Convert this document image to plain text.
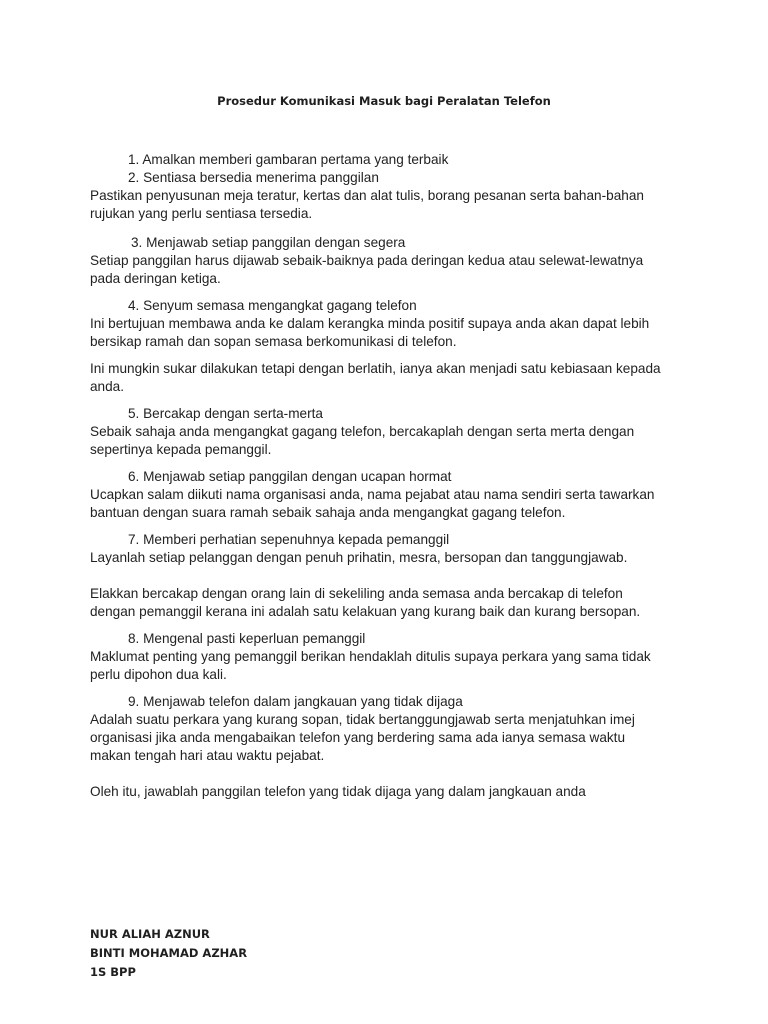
Prosedur Komunikasi Masuk bagi Peralatan Telefon
1. Amalkan memberi gambaran pertama yang terbaik
2. Sentiasa bersedia menerima panggilan
Pastikan penyusunan meja teratur, kertas dan alat tulis, borang pesanan serta bahan-bahan
rujukan yang perlu sentiasa tersedia.
3. Menjawab setiap panggilan dengan segera
Setiap panggilan harus dijawab sebaik-baiknya pada deringan kedua atau selewat-lewatnya
pada deringan ketiga.
4. Senyum semasa mengangkat gagang telefon
Ini bertujuan membawa anda ke dalam kerangka minda positif supaya anda akan dapat lebih
bersikap ramah dan sopan semasa berkomunikasi di telefon.
Ini mungkin sukar dilakukan tetapi dengan berlatih, ianya akan menjadi satu kebiasaan kepada
anda.
5. Bercakap dengan serta-merta
Sebaik sahaja anda mengangkat gagang telefon, bercakaplah dengan serta merta dengan
sepertinya kepada pemanggil.
6. Menjawab setiap panggilan dengan ucapan hormat
Ucapkan salam diikuti nama organisasi anda, nama pejabat atau nama sendiri serta tawarkan
bantuan dengan suara ramah sebaik sahaja anda mengangkat gagang telefon.
7. Memberi perhatian sepenuhnya kepada pemanggil
Layanlah setiap pelanggan dengan penuh prihatin, mesra, bersopan dan tanggungjawab.
Elakkan bercakap dengan orang lain di sekeliling anda semasa anda bercakap di telefon
dengan pemanggil kerana ini adalah satu kelakuan yang kurang baik dan kurang bersopan.
8. Mengenal pasti keperluan pemanggil
Maklumat penting yang pemanggil berikan hendaklah ditulis supaya perkara yang sama tidak
perlu dipohon dua kali.
9. Menjawab telefon dalam jangkauan yang tidak dijaga
Adalah suatu perkara yang kurang sopan, tidak bertanggungjawab serta menjatuhkan imej
organisasi jika anda mengabaikan telefon yang berdering sama ada ianya semasa waktu
makan tengah hari atau waktu pejabat.
Oleh itu, jawablah panggilan telefon yang tidak dijaga yang dalam jangkauan anda
NUR ALIAH AZNUR
BINTI MOHAMAD AZHAR
1S BPP
